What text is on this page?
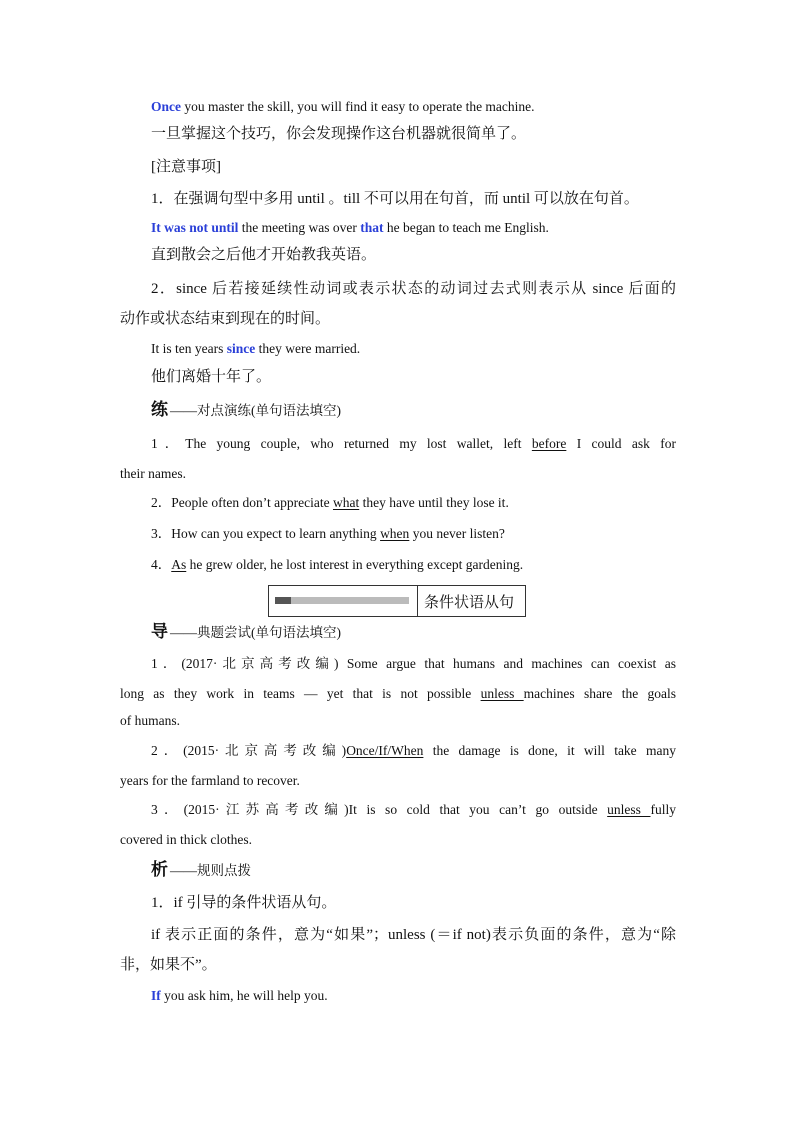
Once you master the skill, you will find it easy to operate the machine.
一旦掌握这个技巧，你会发现操作这台机器就很简单了。
[注意事项]
1．在强调句型中多用 until 。till 不可以用在句首，而 until 可以放在句首。
It was not until the meeting was over that he began to teach me English.
直到散会之后他才开始教我英语。
2．since 后若接延续性动词或表示状态的动词过去式则表示从 since 后面的
动作或状态结束到现在的时间。
It is ten years since they were married.
他们离婚十年了。
练 ——对点演练(单句语法填空)
1．The young couple, who returned my lost wallet, left before I could ask for
their names.
2．People often don’t appreciate what they have until they lose it.
3．How can you expect to learn anything when you never listen?
4．As he grew older, he lost interest in everything except gardening.
条件状语从句
导 ——典题尝试(单句语法填空)
1．(2017·北京高考改编) Some argue that humans and machines can coexist as
long as they work in teams — yet that is not possible unless machines share the goals
of humans.
2．(2015·北京高考改编)Once/If/When the damage is done, it will take many
years for the farmland to recover.
3．(2015·江苏高考改编)It is so cold that you can’t go outside unless fully
covered in thick clothes.
析 ——规则点拨
1．if 引导的条件状语从句。
if 表示正面的条件，意为“如果”；unless (＝if not)表示负面的条件，意为“除
非，如果不”。
If you ask him, he will help you.
